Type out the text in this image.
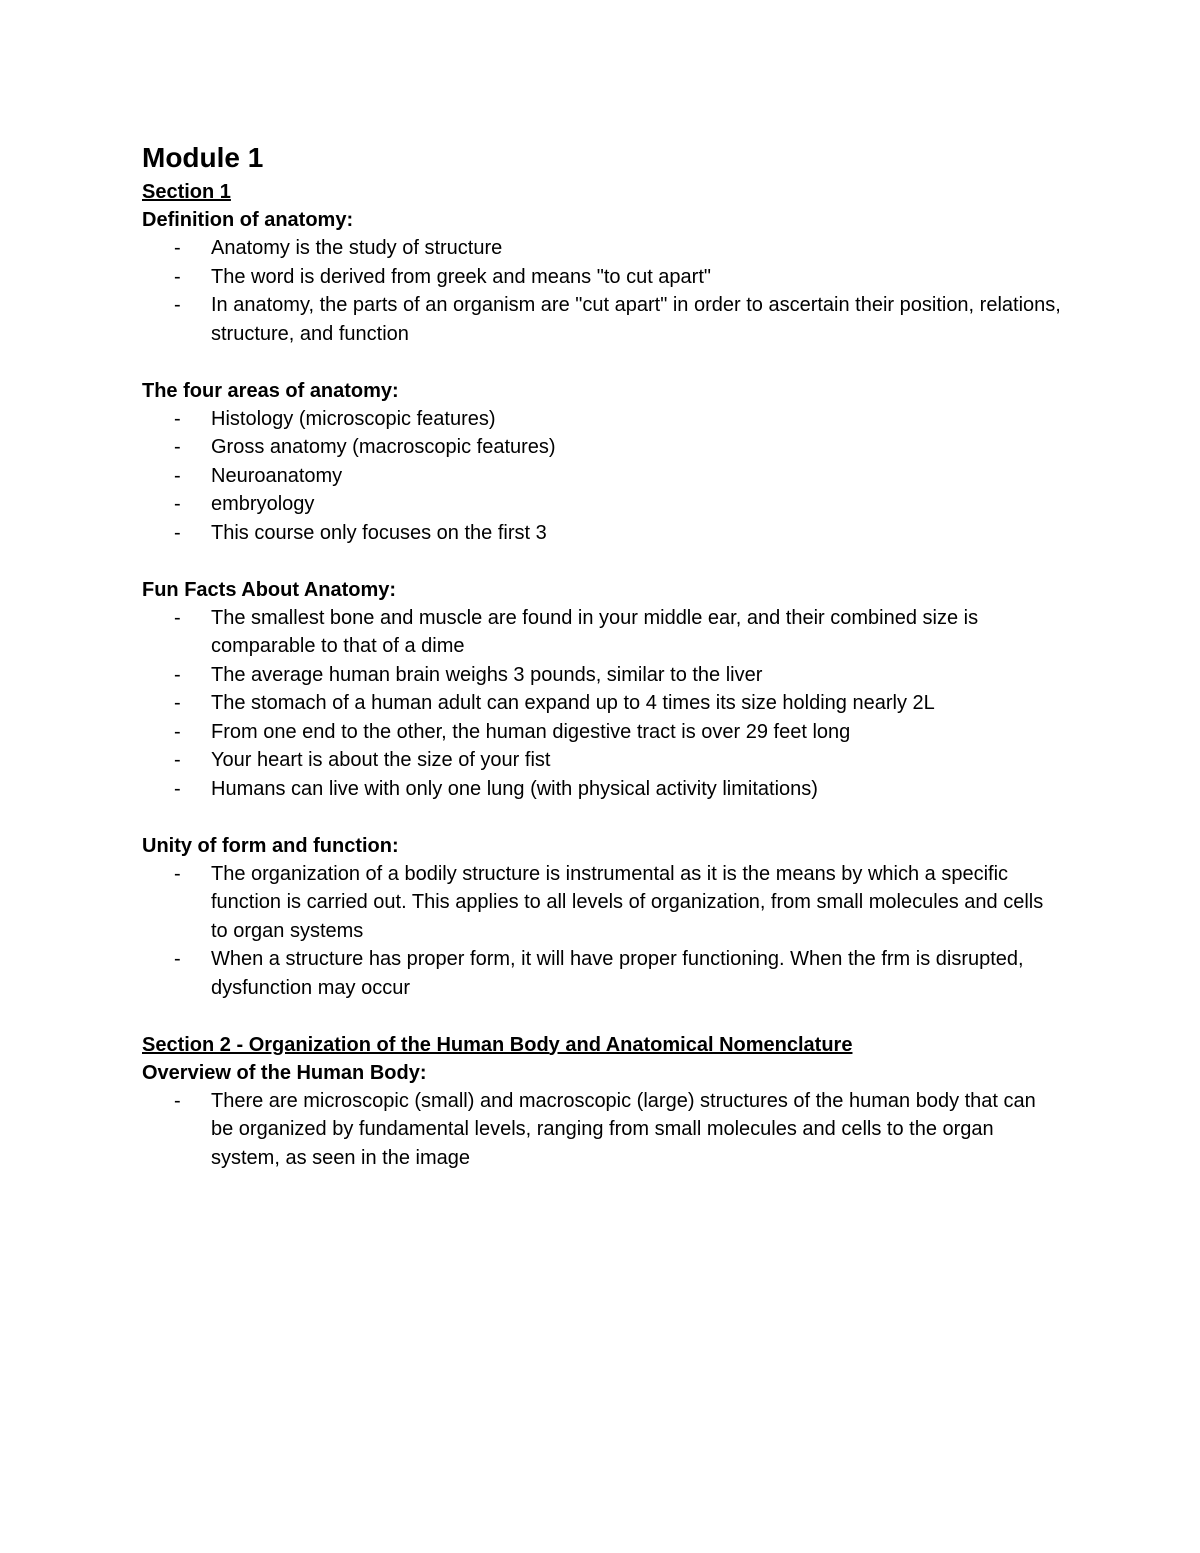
Module 1
Section 1
Definition of anatomy:
- Anatomy is the study of structure
- The word is derived from greek and means "to cut apart"
- In anatomy, the parts of an organism are "cut apart" in order to ascertain their position, relations, structure, and function
The four areas of anatomy:
- Histology (microscopic features)
- Gross anatomy (macroscopic features)
- Neuroanatomy
- embryology
- This course only focuses on the first 3
Fun Facts About Anatomy:
- The smallest bone and muscle are found in your middle ear, and their combined size is comparable to that of a dime
- The average human brain weighs 3 pounds, similar to the liver
- The stomach of a human adult can expand up to 4 times its size holding nearly 2L
- From one end to the other, the human digestive tract is over 29 feet long
- Your heart is about the size of your fist
- Humans can live with only one lung (with physical activity limitations)
Unity of form and function:
- The organization of a bodily structure is instrumental as it is the means by which a specific function is carried out. This applies to all levels of organization, from small molecules and cells to organ systems
- When a structure has proper form, it will have proper functioning. When the frm is disrupted, dysfunction may occur
Section 2 - Organization of the Human Body and Anatomical Nomenclature
Overview of the Human Body:
- There are microscopic (small) and macroscopic (large) structures of the human body that can be organized by fundamental levels, ranging from small molecules and cells to the organ system, as seen in the image
